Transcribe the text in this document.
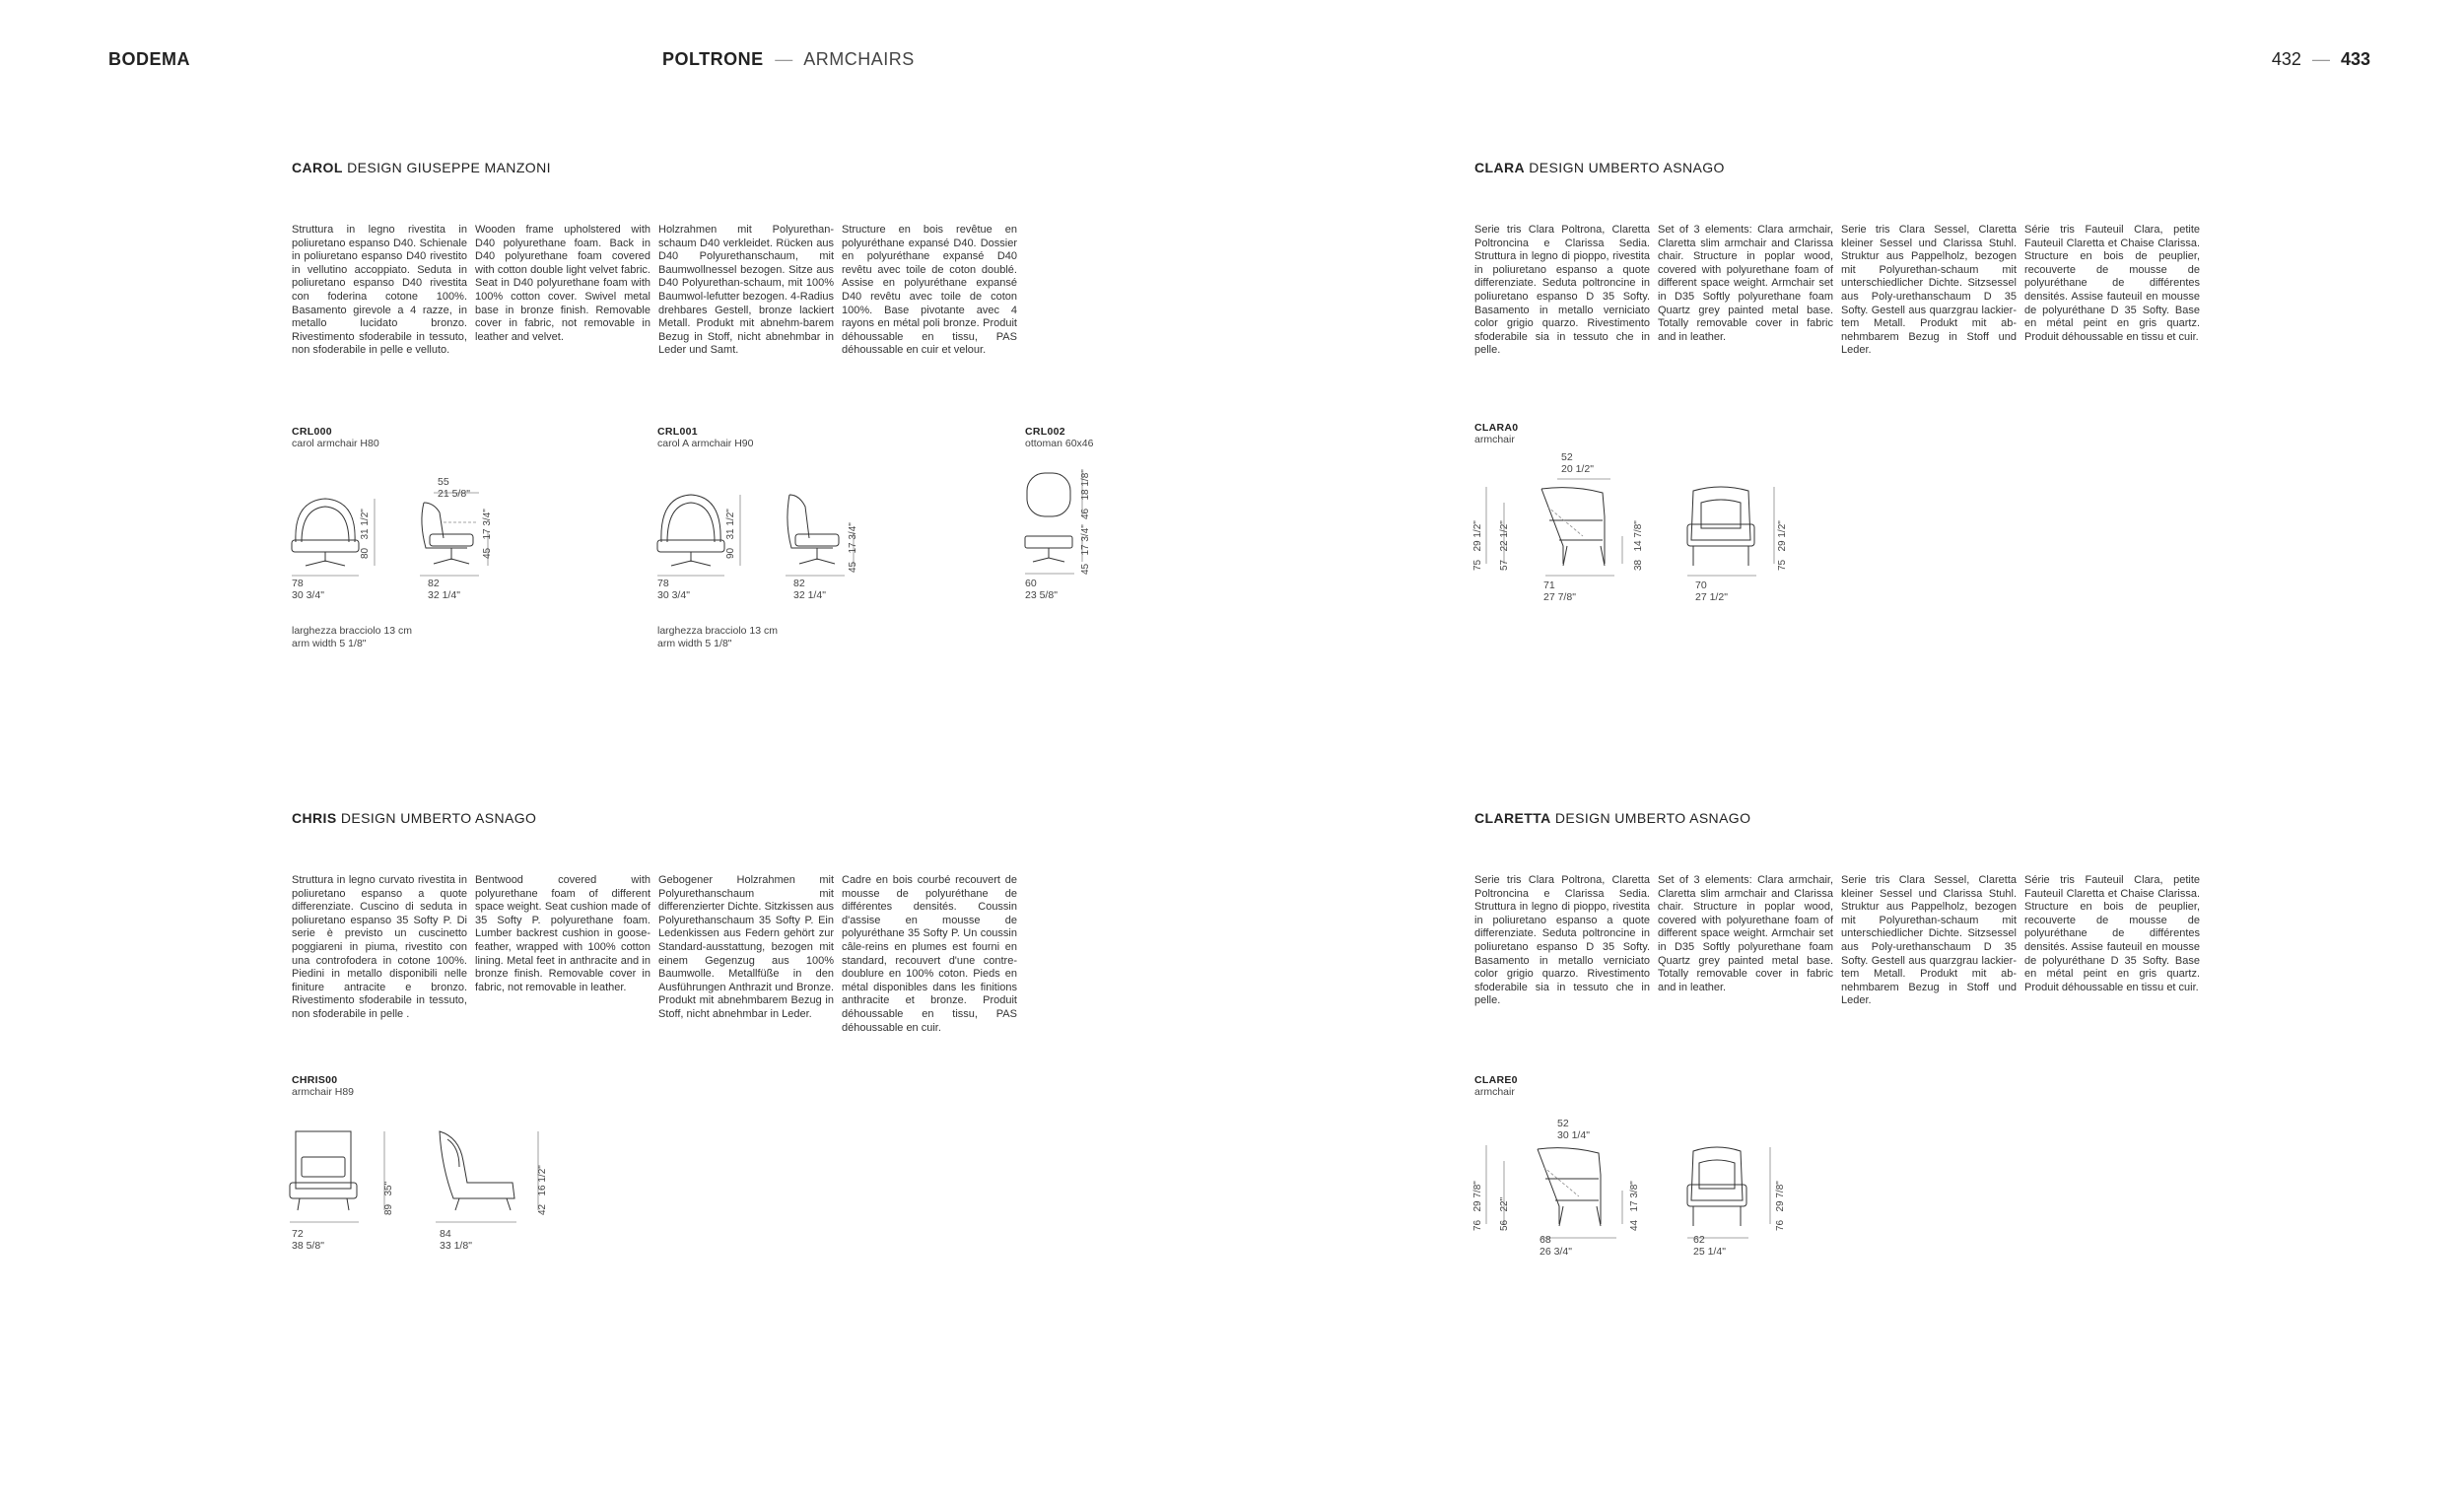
BODEMA	POLTRONE — ARMCHAIRS	432 — 433
CAROL DESIGN GIUSEPPE MANZONI
Struttura in legno rivestita in poliuretano espanso D40. Schienale in poliuretano espanso D40 rivestito in vellutino accoppiato. Seduta in poliuretano espanso D40 rivestita con foderina cotone 100%. Basamento girevole a 4 razze, in metallo lucidato bronzo. Rivestimento sfoderabile in tessuto, non sfoderabile in pelle e velluto.
Wooden frame upholstered with D40 polyurethane foam. Back in D40 polyurethane foam covered with cotton double light velvet fabric. Seat in D40 polyurethane foam with 100% cotton cover. Swivel metal base in bronze finish. Removable cover in fabric, not removable in leather and velvet.
Holzrahmen mit Polyurethan-schaum D40 verkleidet. Rücken aus D40 Polyurethanschaum, mit Baumwollnessel bezogen. Sitze aus D40 Polyurethan-schaum, mit 100% Baumwol-lefutter bezogen. 4-Radius drehbares Gestell, bronze lackiert Metall. Produkt mit abnehm-barem Bezug in Stoff, nicht abnehmbar in Leder und Samt.
Structure en bois revêtue en polyuréthane expansé D40. Dossier en polyuréthane expansé D40 revêtu avec toile de coton doublé. Assise en polyuréthane expansé D40 revêtu avec toile de coton 100%. Base pivotante avec 4 rayons en métal poli bronze. Produit déhoussable en tissu, PAS déhoussable en cuir et velour.
CRL000
carol armchair H80
55
21 5/8"
80   31 1/2"
45   17 3/4"
78
30 3/4"
82
32 1/4"
larghezza bracciolo 13 cm
arm width 5 1/8"
CRL001
carol A armchair H90
90   31 1/2"
45   17 3/4"
78
30 3/4"
82
32 1/4"
larghezza bracciolo 13 cm
arm width 5 1/8"
CRL002
ottoman 60x46
46   18 1/8"
45   17 3/4"
60
23 5/8"
CLARA DESIGN UMBERTO ASNAGO
Serie tris Clara Poltrona, Claretta Poltroncina e Clarissa Sedia. Struttura in legno di pioppo, rivestita in poliuretano espanso a quote differenziate. Seduta poltroncine in poliuretano espanso D 35 Softy. Basamento in metallo verniciato color grigio quarzo. Rivestimento sfoderabile sia in tessuto che in pelle.
Set of 3 elements: Clara armchair, Claretta slim armchair and Clarissa chair. Structure in poplar wood, covered with polyurethane foam of different space weight. Armchair set in D35 Softly polyurethane foam Quartz grey painted metal base. Totally removable cover in fabric and in leather.
Serie tris Clara Sessel, Claretta kleiner Sessel und Clarissa Stuhl. Struktur aus Pappelholz, bezogen mit Polyurethan-schaum mit unterschiedlicher Dichte. Sitzsessel aus Poly-urethanschaum D 35 Softy. Gestell aus quarzgrau lackier-tem Metall. Produkt mit ab-nehmbarem Bezug in Stoff und Leder.
Série tris Fauteuil Clara, petite Fauteuil Claretta et Chaise Clarissa. Structure en bois de peuplier, recouverte de mousse de polyuréthane de différentes densités. Assise fauteuil en mousse de polyuréthane D 35 Softy. Base en métal peint en gris quartz. Produit déhoussable en tissu et cuir.
CLARA0
armchair
52
20 1/2"
75   29 1/2"
57   22 1/2"
38   14 7/8"
75   29 1/2"
71
27 7/8"
70
27 1/2"
CHRIS DESIGN UMBERTO ASNAGO
Struttura in legno curvato rivestita in poliuretano espanso a quote differenziate. Cuscino di seduta in poliuretano espanso 35 Softy P. Di serie è previsto un cuscinetto poggiareni in piuma, rivestito con una controfodera in cotone 100%. Piedini in metallo disponibili nelle finiture antracite e bronzo. Rivestimento sfoderabile in tessuto, non sfoderabile in pelle .
Bentwood covered with polyurethane foam of different space weight. Seat cushion made of 35 Softy P. polyurethane foam. Lumber backrest cushion in goose-feather, wrapped with 100% cotton lining. Metal feet in anthracite and in bronze finish. Removable cover in fabric, not removable in leather.
Gebogener Holzrahmen mit Polyurethanschaum mit differenzierter Dichte. Sitzkissen aus Polyurethanschaum 35 Softy P. Ein Ledenkissen aus Federn gehört zur Standard-ausstattung, bezogen mit einem Gegenzug aus 100% Baumwolle. Metallfüße in den Ausführungen Anthrazit und Bronze. Produkt mit abnehmbarem Bezug in Stoff, nicht abnehmbar in Leder.
Cadre en bois courbé recouvert de mousse de polyuréthane de différentes densités. Coussin d'assise en mousse de polyuréthane 35 Softy P. Un coussin câle-reins en plumes est fourni en standard, recouvert d'une contre-doublure en 100% coton. Pieds en métal disponibles dans les finitions anthracite et bronze. Produit déhoussable en tissu, PAS déhoussable en cuir.
CHRIS00
armchair H89
89   35"
42   16 1/2"
72
38 5/8"
84
33 1/8"
CLARETTA DESIGN UMBERTO ASNAGO
Serie tris Clara Poltrona, Claretta Poltroncina e Clarissa Sedia. Struttura in legno di pioppo, rivestita in poliuretano espanso a quote differenziate. Seduta poltroncine in poliuretano espanso D 35 Softy. Basamento in metallo verniciato color grigio quarzo. Rivestimento sfoderabile sia in tessuto che in pelle.
Set of 3 elements: Clara armchair, Claretta slim armchair and Clarissa chair. Structure in poplar wood, covered with polyurethane foam of different space weight. Armchair set in D35 Softly polyurethane foam Quartz grey painted metal base. Totally removable cover in fabric and in leather.
Serie tris Clara Sessel, Claretta kleiner Sessel und Clarissa Stuhl. Struktur aus Pappelholz, bezogen mit Polyurethan-schaum mit unterschiedlicher Dichte. Sitzsessel aus Poly-urethanschaum D 35 Softy. Gestell aus quarzgrau lackier-tem Metall. Produkt mit ab-nehmbarem Bezug in Stoff und Leder.
Série tris Fauteuil Clara, petite Fauteuil Claretta et Chaise Clarissa. Structure en bois de peuplier, recouverte de mousse de polyuréthane de différentes densités. Assise fauteuil en mousse de polyuréthane D 35 Softy. Base en métal peint en gris quartz. Produit déhoussable en tissu et cuir.
CLARE0
armchair
52
30 1/4"
76   29 7/8"
56   22"
44   17 3/8"
76   29 7/8"
68
26 3/4"
62
25 1/4"
